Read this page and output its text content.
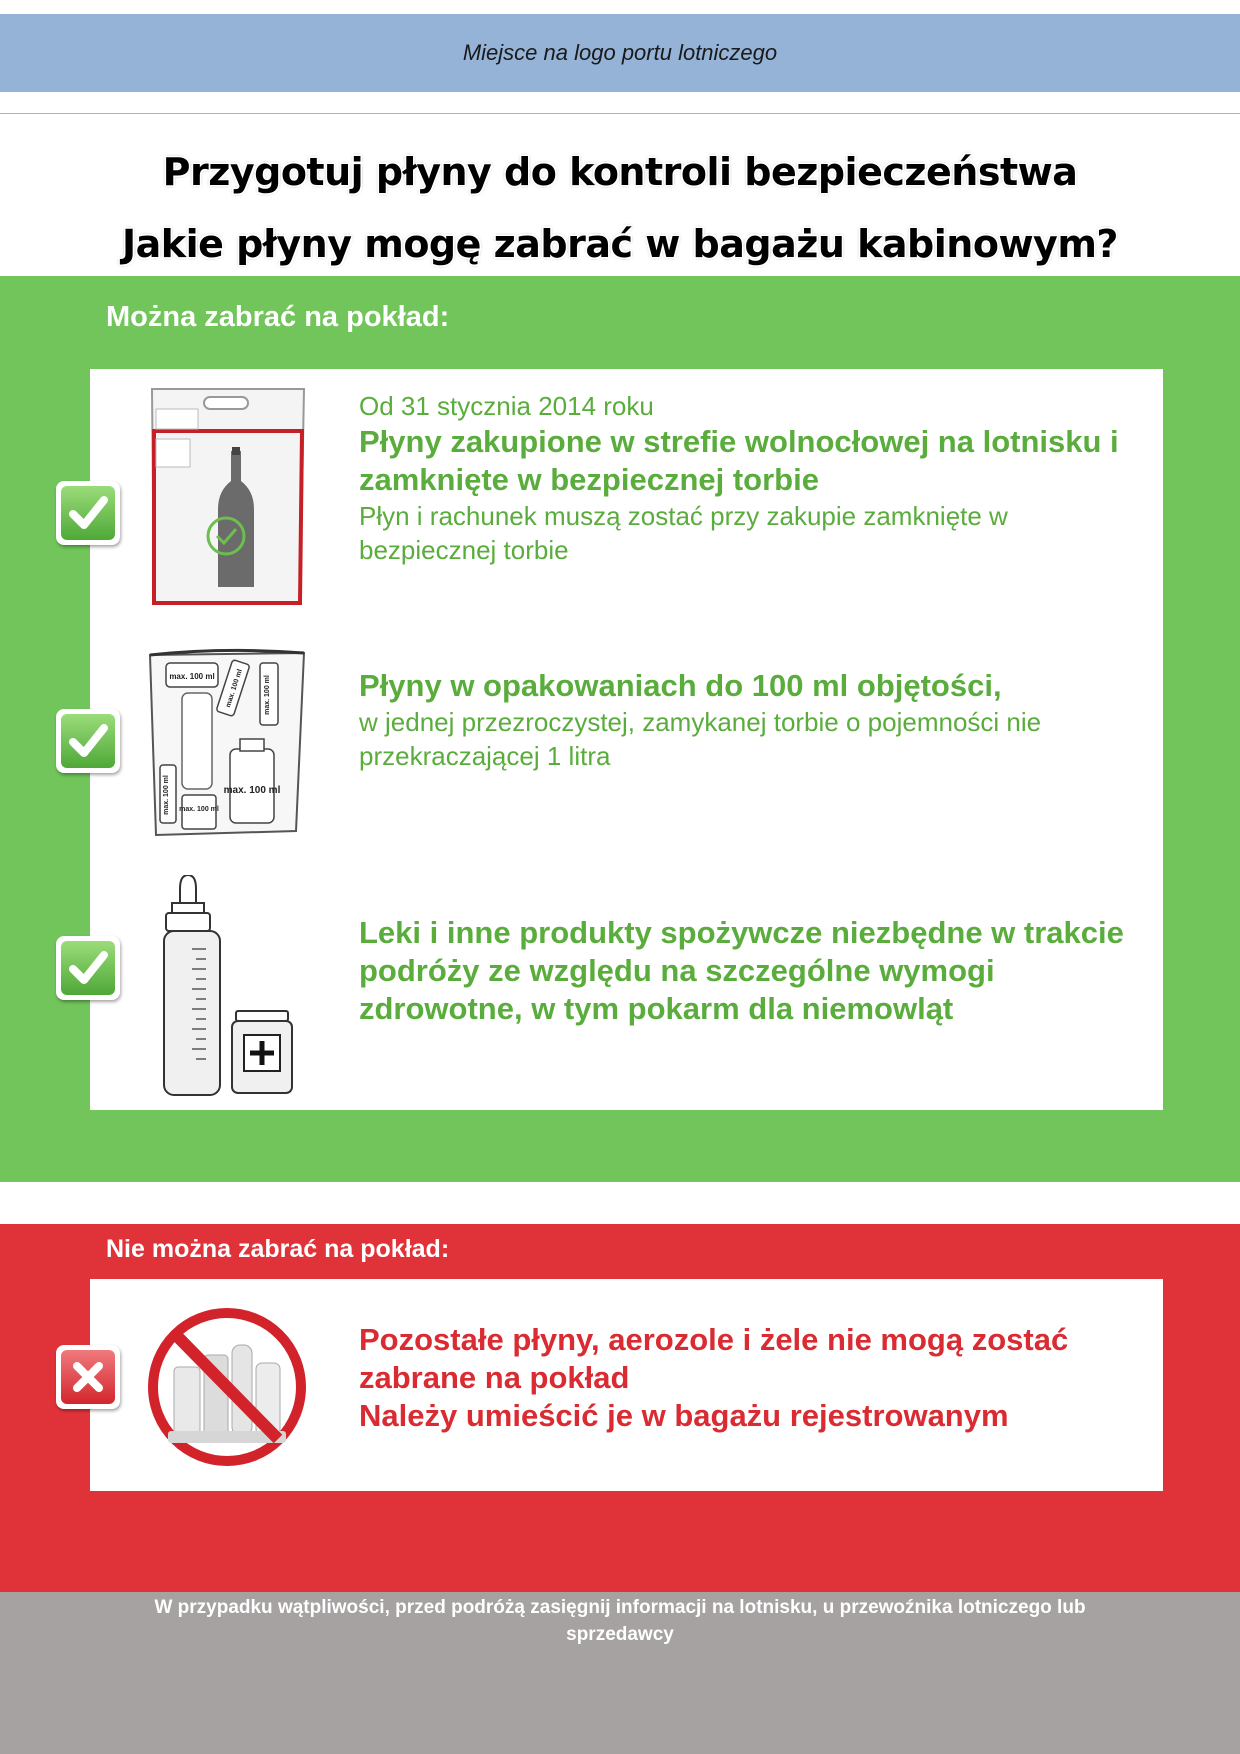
Miejsce na logo portu lotniczego
Przygotuj płyny do kontroli bezpieczeństwa
Jakie płyny mogę zabrać w bagażu kabinowym?
Można zabrać na pokład:
Od 31 stycznia 2014 roku
Płyny zakupione w strefie wolnocłowej na lotnisku i zamknięte w bezpiecznej torbie
Płyn i rachunek muszą zostać przy zakupie zamknięte w bezpiecznej torbie
max. 100 ml max. 100 ml	max. 100 ml
max. 100 ml max. 100 ml
max. 100 ml
Płyny w opakowaniach do 100 ml objętości,
w jednej przezroczystej, zamykanej torbie o pojemności nie przekraczającej 1 litra
Leki i inne produkty spożywcze niezbędne w trakcie podróży ze względu na szczególne wymogi zdrowotne, w tym pokarm dla niemowląt
Nie można zabrać na pokład:
Pozostałe płyny, aerozole i żele nie mogą zostać zabrane na pokład
Należy umieścić je w bagażu rejestrowanym
W przypadku wątpliwości, przed podróżą zasięgnij informacji na lotnisku, u przewoźnika lotniczego lub sprzedawcy
